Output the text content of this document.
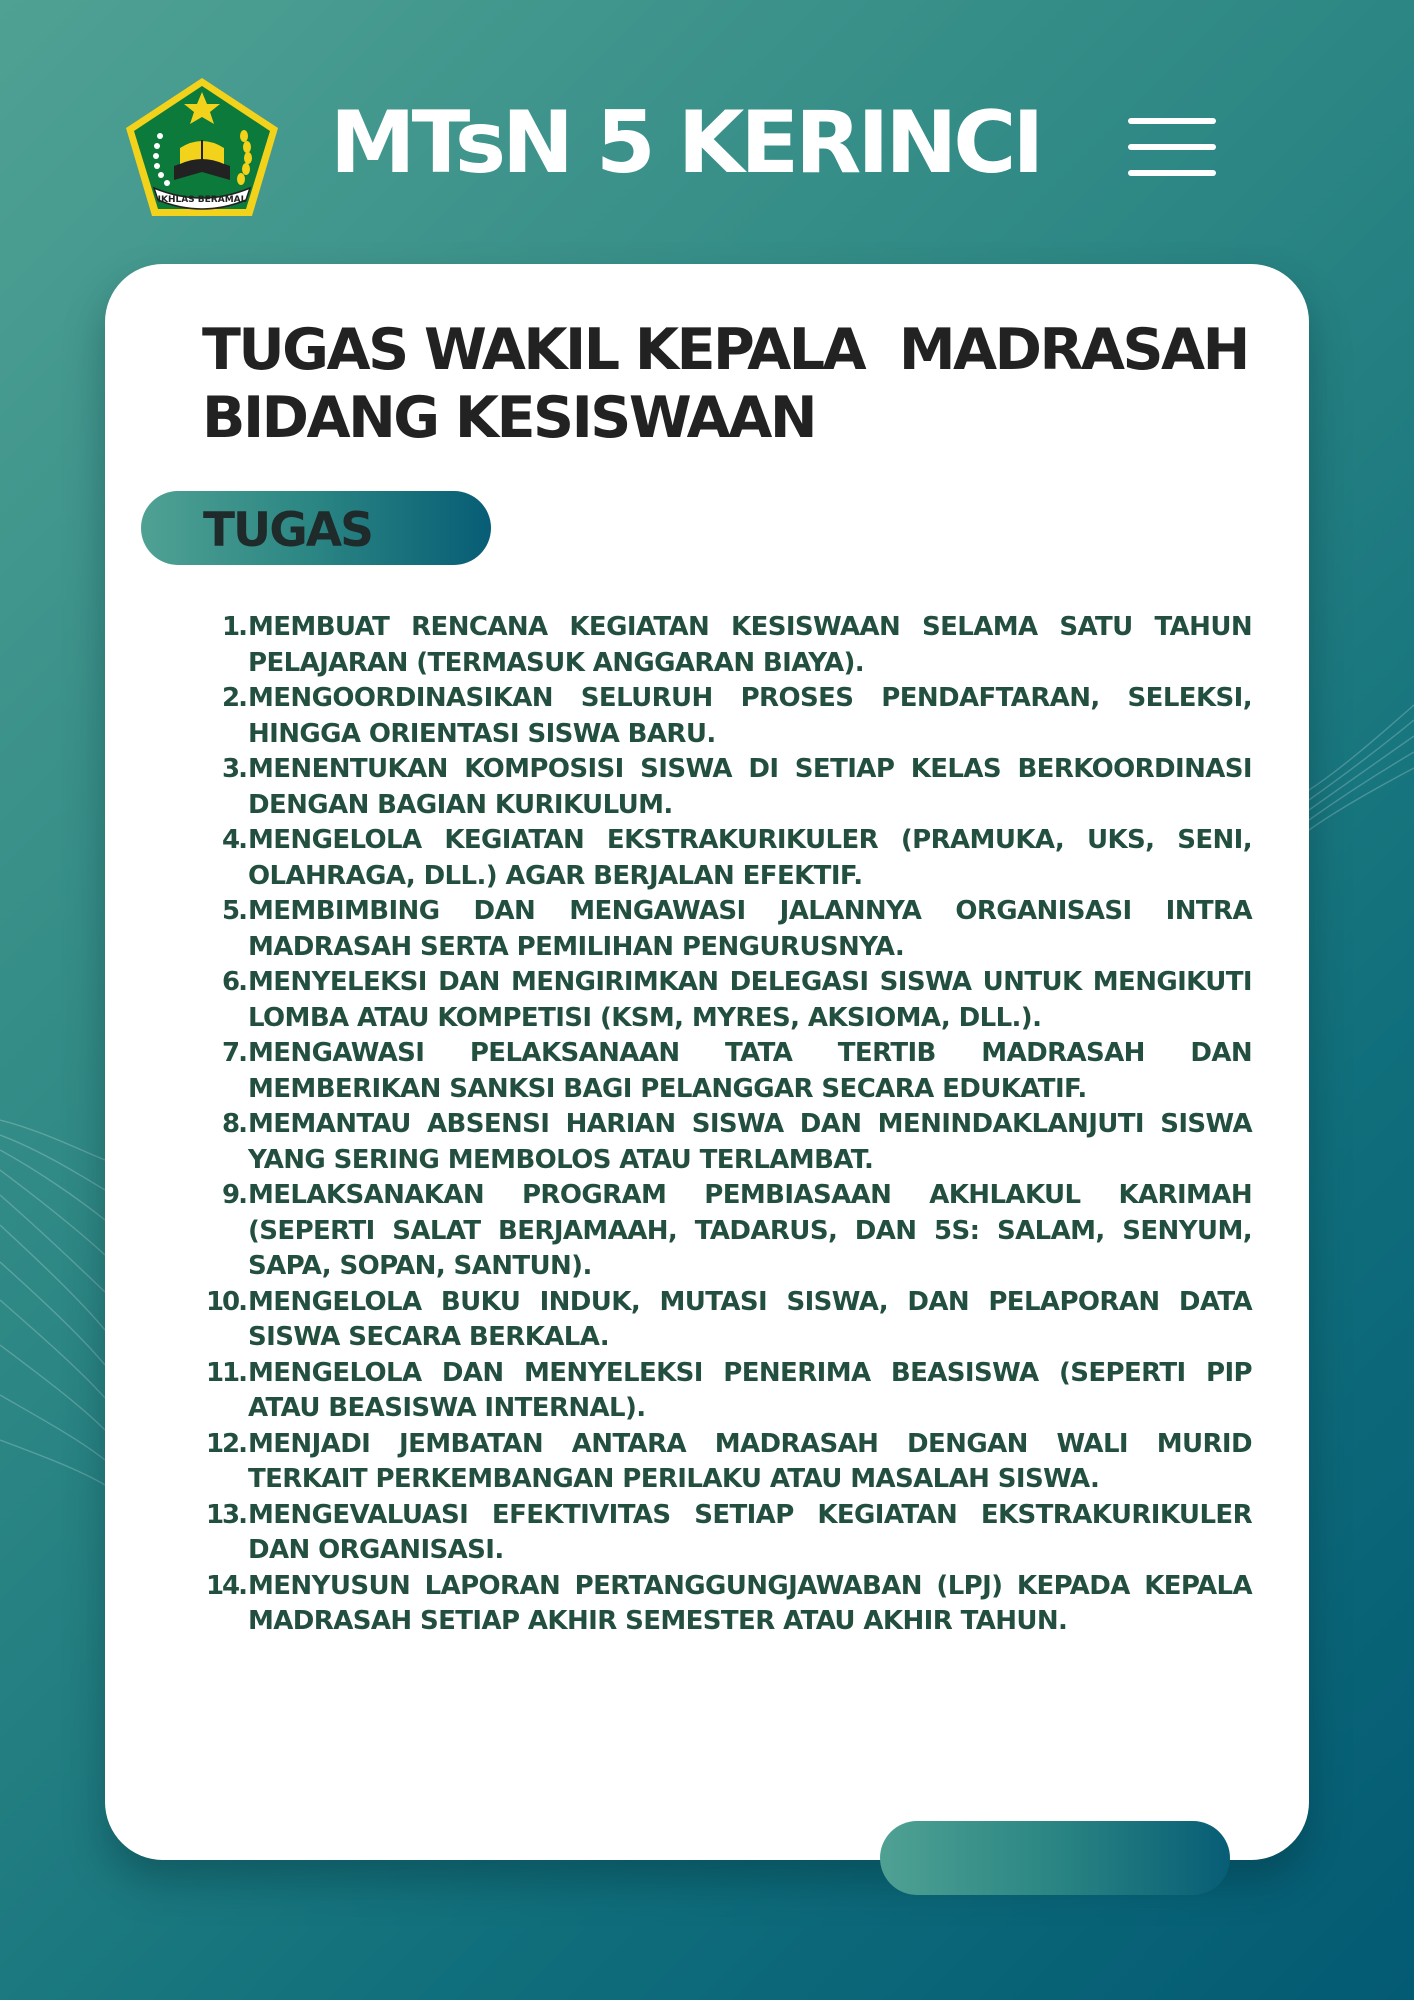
IKHLAS BERAMAL
MTsN 5 KERINCI
TUGAS WAKIL KEPALA  MADRASAH
BIDANG KESISWAAN
TUGAS
1. MEMBUAT RENCANA KEGIATAN KESISWAAN SELAMA SATU TAHUN PELAJARAN (TERMASUK ANGGARAN BIAYA).
2. MENGOORDINASIKAN SELURUH PROSES PENDAFTARAN, SELEKSI, HINGGA ORIENTASI SISWA BARU.
3. MENENTUKAN KOMPOSISI SISWA DI SETIAP KELAS BERKOORDINASI DENGAN BAGIAN KURIKULUM.
4. MENGELOLA KEGIATAN EKSTRAKURIKULER (PRAMUKA, UKS, SENI, OLAHRAGA, DLL.) AGAR BERJALAN EFEKTIF.
5. MEMBIMBING DAN MENGAWASI JALANNYA ORGANISASI INTRA MADRASAH SERTA PEMILIHAN PENGURUSNYA.
6. MENYELEKSI DAN MENGIRIMKAN DELEGASI SISWA UNTUK MENGIKUTI LOMBA ATAU KOMPETISI (KSM, MYRES, AKSIOMA, DLL.).
7. MENGAWASI PELAKSANAAN TATA TERTIB MADRASAH DAN MEMBERIKAN SANKSI BAGI PELANGGAR SECARA EDUKATIF.
8. MEMANTAU ABSENSI HARIAN SISWA DAN MENINDAKLANJUTI SISWA YANG SERING MEMBOLOS ATAU TERLAMBAT.
9. MELAKSANAKAN PROGRAM PEMBIASAAN AKHLAKUL KARIMAH (SEPERTI SALAT BERJAMAAH, TADARUS, DAN 5S: SALAM, SENYUM, SAPA, SOPAN, SANTUN).
10. MENGELOLA BUKU INDUK, MUTASI SISWA, DAN PELAPORAN DATA SISWA SECARA BERKALA.
11. MENGELOLA DAN MENYELEKSI PENERIMA BEASISWA (SEPERTI PIP ATAU BEASISWA INTERNAL).
12. MENJADI JEMBATAN ANTARA MADRASAH DENGAN WALI MURID TERKAIT PERKEMBANGAN PERILAKU ATAU MASALAH SISWA.
13. MENGEVALUASI EFEKTIVITAS SETIAP KEGIATAN EKSTRAKURIKULER DAN ORGANISASI.
14. MENYUSUN LAPORAN PERTANGGUNGJAWABAN (LPJ) KEPADA KEPALA MADRASAH SETIAP AKHIR SEMESTER ATAU AKHIR TAHUN.
